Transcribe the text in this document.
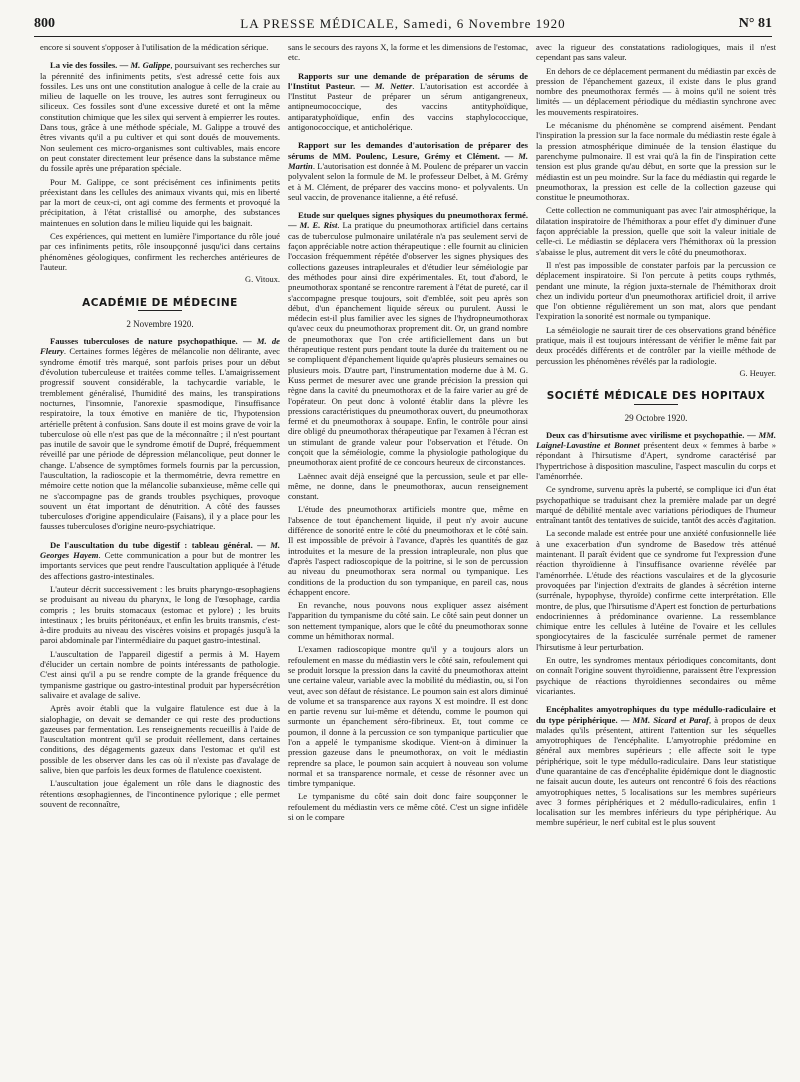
800	LA PRESSE MÉDICALE, Samedi, 6 Novembre 1920	N° 81

encore si souvent s'opposer à l'utilisation de la médication sérique.

La vie des fossiles. — M. Galippe, poursuivant ses recherches sur la pérennité des infiniments petits, s'est adressé cette fois aux fossiles. Les uns ont une constitution analogue à celle de la craie au milieu de laquelle on les trouve, les autres sont ferrugineux ou siliceux. Ces fossiles sont d'une excessive dureté et ont la même constitution chimique que les silex qui servent à empierrer les routes. Dans tous, grâce à une méthode spéciale, M. Galippe a trouvé des êtres vivants qu'il a pu cultiver et qui sont doués de mouvements. Non seulement ces micro-organismes sont cultivables, mais encore on peut constater directement leur présence dans la substance même du fossile après une préparation spéciale.

Pour M. Galippe, ce sont précisément ces infiniments petits préexistant dans les cellules des animaux vivants qui, mis en liberté par la mort de ceux-ci, ont agi comme des ferments et provoqué la précipitation, à l'état cristallisé ou amorphe, des substances maintenues en solution dans le milieu liquide qui les baignait.

Ces expériences, qui mettent en lumière l'importance du rôle joué par ces infiniments petits, rôle insoupçonné jusqu'ici dans certains phénomènes géologiques, confirment les recherches antérieures de l'auteur.

G. Vitoux.
ACADÉMIE DE MÉDECINE
2 Novembre 1920.

Fausses tuberculoses de nature psychopathique. — M. de Fleury. Certaines formes légères de mélancolie non délirante, avec syndrome émotif très marqué, sont parfois prises pour un début d'évolution tuberculeuse et traitées comme telles. L'amaigrissement progressif souvent considérable, la tachycardie variable, le tremblement généralisé, l'humidité des mains, les transpirations nocturnes, l'insomnie, l'anorexie spasmodique, l'insuffisance respiratoire, la toux émotive en manière de tic, l'hypotension artérielle prêtent à confusion. Sans doute il est moins grave de voir la tuberculose où elle n'est pas que de la méconnaître ; il n'est pourtant pas inutile de savoir que le syndrome émotif de Dupré, fréquemment réveillé par une période de dépression mélancolique, peut donner le change. L'absence de symptômes formels fournis par la percussion, l'auscultation, la radioscopie et la thermométrie, devra remettre en mémoire cette notion que la mélancolie subanxieuse, même celle qui ne s'accompagne pas de grands troubles psychiques, provoque souvent un état important de dénutrition. A côté des fausses tuberculoses d'origine appendiculaire (Faisans), il y a place pour les fausses tuberculoses d'origine neuro-psychiatrique.

De l'auscultation du tube digestif : tableau général. — M. Georges Hayem. Cette communication a pour but de montrer les importants services que peut rendre l'auscultation appliquée à l'étude des affections gastro-intestinales.

L'auteur décrit successivement : les bruits pharyngo-œsophagiens se produisant au niveau du pharynx, le long de l'œsophage, cardia compris ; les bruits stomacaux (estomac et pylore) ; les bruits intestinaux ; les bruits péritonéaux, et enfin les bruits transmis, c'est-à-dire produits au niveau des viscères voisins et propagés jusqu'à la paroi abdominale par l'intermédiaire du paquet gastro-intestinal.

L'auscultation de l'appareil digestif a permis à M. Hayem d'élucider un certain nombre de points intéressants de pathologie. C'est ainsi qu'il a pu se rendre compte de la grande fréquence du tympanisme gastrique ou gastro-intestinal produit par hypersécrétion salivaire et avalage de salive.

Après avoir établi que la vulgaire flatulence est due à la sialophagie, on devait se demander ce qui reste des productions gazeuses par fermentation. Les renseignements recueillis à l'aide de l'auscultation montrent qu'il se produit réellement, dans certaines conditions, des dégagements gazeux dans l'estomac et qu'il est possible de les observer dans les cas où il n'existe pas d'avalage de salive, bien que parfois les deux formes de flatulence coexistent.

L'auscultation joue également un rôle dans le diagnostic des rétentions œsophagiennes, de l'incontinence pylorique ; elle permet souvent de reconnaître,

sans le secours des rayons X, la forme et les dimensions de l'estomac, etc.

Rapports sur une demande de préparation de sérums de l'Institut Pasteur. — M. Netter. L'autorisation est accordée à l'Institut Pasteur de préparer un sérum antigangreneux, antipneumococcique, des vaccins antityphoïdique, antiparatyphoïdique, enfin des vaccins staphylococcique, antigonococcique, et antichol​érique.

Rapport sur les demandes d'autorisation de préparer des sérums de MM. Poulenc, Lesure, Grémy et Clément. — M. Martin. L'autorisation est donnée à M. Poulenc de préparer un vaccin polyvalent selon la formule de M. le professeur Delbet, à M. Grémy et à M. Clément, de préparer des vaccins mono- et polyvalents. Un seul vaccin, de provenance italienne, a été refusé.

Etude sur quelques signes physiques du pneumothorax fermé. — M. E. Rist. La pratique du pneumothorax artificiel dans certains cas de tuberculose pulmonaire unilatérale n'a pas seulement servi de façon appréciable notre action thérapeutique : elle fournit au clinicien l'occasion fréquemment répétée d'observer les signes physiques des collections gazeuses intrapleurales et d'étudier leur séméiologie par des méthodes pour ainsi dire expérimentales. Et, tout d'abord, le pneumothorax spontané se rencontre rarement à l'état de pureté, car il s'accompagne presque toujours, soit d'emblée, soit peu après son début, d'un épanchement liquide séreux ou purulent. Aussi le médecin est-il plus familier avec les signes de l'hydropneumothorax qu'avec ceux du pneumothorax proprement dit. Or, un grand nombre de pneumothorax que l'on crée artificiellement dans un but thérapeutique restent purs pendant toute la durée du traitement ou ne se compliquent d'épanchement liquide qu'après plusieurs semaines ou plusieurs mois. D'autre part, l'instrumentation moderne due à M. G. Kuss permet de mesurer avec une grande précision la pression qui règne dans la cavité du pneumothorax et de la faire varier au gré de l'opérateur. On peut donc à volonté établir dans la plèvre les pressions caractéristiques du pneumothorax ouvert, du pneumothorax fermé et du pneumothorax à soupape. Enfin, le contrôle pour ainsi dire obligé du pneumothorax thérapeutique par l'examen à l'écran est un stimulant de grande valeur pour l'observation et l'étude. On conçoit que la séméiologie, comme la physiologie pathologique du pneumothorax aient profité de ce concours heureux de circonstances.

Laënnec avait déjà enseigné que la percussion, seule et par elle-même, ne donne, dans le pneumothorax, aucun renseignement constant.

L'étude des pneumothorax artificiels montre que, même en l'absence de tout épanchement liquide, il peut n'y avoir aucune différence de sonorité entre le côté du pneumothorax et le côté sain. Il est impossible de prévoir à l'avance, d'après les quantités de gaz introduites et la mesure de la pression intrapleurale, non plus que d'après l'aspect radioscopique de la poitrine, si le son de percussion au niveau du pneumothorax sera normal ou tympanique. Les conditions de la production du son tympanique, en pareil cas, nous échappent encore.

En revanche, nous pouvons nous expliquer assez aisément l'apparition du tympanisme du côté sain. Le côté sain peut donner un son nettement tympanique, alors que le côté du pneumothorax sonne comme un hémithorax normal.

L'examen radioscopique montre qu'il y a toujours alors un refoulement en masse du médiastin vers le côté sain, refoulement qui se produit lorsque la pression dans la cavité du pneumothorax atteint une certaine valeur, variable avec la mobilité du médiastin, ou, si l'on veut, avec son défaut de résistance. Le poumon sain est alors diminué de volume et sa transparence aux rayons X est moindre. Il est donc en partie revenu sur lui-même et détendu, comme le poumon qui surmonte un épanchement séro-fibrineux. Et, tout comme ce poumon, il donne à la percussion ce son tympanique particulier que l'on a appelé le tympanisme skodique. Vient-on à diminuer la pression gazeuse dans le pneumothorax, on voit le médiastin reprendre sa place, le poumon sain acquiert à nouveau son volume normal et sa transparence normale, et cesse de résonner avec un timbre tympanique.

Le tympanisme du côté sain doit donc faire soupçonner le refoulement du médiastin vers ce même côté. C'est un signe infidèle si on le compare

avec la rigueur des constatations radiologiques, mais il n'est cependant pas sans valeur.

En dehors de ce déplacement permanent du médiastin par excès de pression de l'épanchement gazeux, il existe dans le plus grand nombre des pneumothorax fermés — à moins qu'il ne soient très limités — un déplacement périodique du médiastin synchrone avec les mouvements respiratoires.

Le mécanisme du phénomène se comprend aisément. Pendant l'inspiration la pression sur la face normale du médiastin reste égale à la pression atmosphérique diminuée de la tension élastique du parenchyme pulmonaire. Il est vrai qu'à la fin de l'inspiration cette tension est plus grande qu'au début, en sorte que la pression sur le médiastin est un peu moindre. Sur la face du médiastin qui regarde le pneumothorax, la pression est celle de la collection gazeuse qui constitue le pneumothorax.

Cette collection ne communiquant pas avec l'air atmosphérique, la dilatation inspiratoire de l'hémithorax a pour effet d'y diminuer d'une façon appréciable la pression, quelle que soit la valeur initiale de celle-ci. Le médiastin se déplacera vers l'hémithorax où la pression s'abaisse le plus, autrement dit vers le côté du pneumothorax.

Il n'est pas impossible de constater parfois par la percussion ce déplacement inspiratoire. Si l'on percute à petits coups rythmés, pendant une minute, la région juxta-sternale de l'hémithorax droit chez un individu porteur d'un pneumothorax artificiel droit, il arrive que l'on obtienne régulièrement un son mat, alors que pendant l'expiration la sonorité est normale ou tympanique.

La séméiologie ne saurait tirer de ces observations grand bénéfice pratique, mais il est toujours intéressant de vérifier le même fait par deux procédés différents et de contrôler par la vieille méthode de percussion les phénomènes révélés par la radiologie.

G. Heuyer.
SOCIÉTÉ MÉDICALE DES HOPITAUX
29 Octobre 1920.

Deux cas d'hirsutisme avec virilisme et psychopathie. — MM. Laignel-Lavastine et Bonnet présentent deux « femmes à barbe » répondant à l'hirsutisme d'Apert, syndrome caractérisé par l'hypertrichose à disposition masculine, l'aspect masculin du corps et l'aménorrhée.

Ce syndrome, survenu après la puberté, se complique ici d'un état psychopathique se traduisant chez la première malade par un degré marqué de débilité mentale avec variations périodiques de l'humeur entraînant tantôt des tentatives de suicide, tantôt des accès d'agitation.

La seconde malade est entrée pour une anxiété confusionnelle liée à une exacerbation d'un syndrome de Basedow très atténué maintenant. Il paraît évident que ce syndrome fut l'expression d'une réaction thyroïdienne à l'insuffisance ovarienne révélée par l'aménorrhée. L'étude des réactions vasculaires et de la glycosurie provoquées par l'injection d'extraits de glandes à sécrétion interne (surrénale, hypophyse, thyroïde) confirme cette interprétation. Elle montre, de plus, que l'hirsutisme d'Apert est fonction de perturbations endocriniennes à prédominance ovarienne. La ressemblance chimique entre les cellules à lutéine de l'ovaire et les cellules spongiocytaires de la fasciculée surrénale permet de ramener l'hirsutisme à leur perturbation.

En outre, les syndromes mentaux périodiques concomitants, dont on connaît l'origine souvent thyroïdienne, paraissent être l'expression psychique de réactions thyroïdiennes secondaires ou même vicariantes.

Encéphalites amyotrophiques du type médullo-radiculaire et du type périphérique. — MM. Sicard et Paraf, à propos de deux malades qu'ils présentent, attirent l'attention sur les séquelles amyotrophiques de l'encéphalite. L'amyotrophie prédomine en général aux membres supérieurs ; elle affecte soit le type périphérique, soit le type médullo-radiculaire. Dans leur statistique d'une quarantaine de cas d'encéphalite épidémique dont le diagnostic ne faisait aucun doute, les auteurs ont rencontré 6 fois des réactions amyotrophiques nettes, 5 localisations sur les membres supérieurs avec 3 formes périphériques et 2 médullo-radiculaires, enfin 1 localisation sur les membres inférieurs du type périphérique. Au membre supérieur, le nerf cubital est le plus souvent
